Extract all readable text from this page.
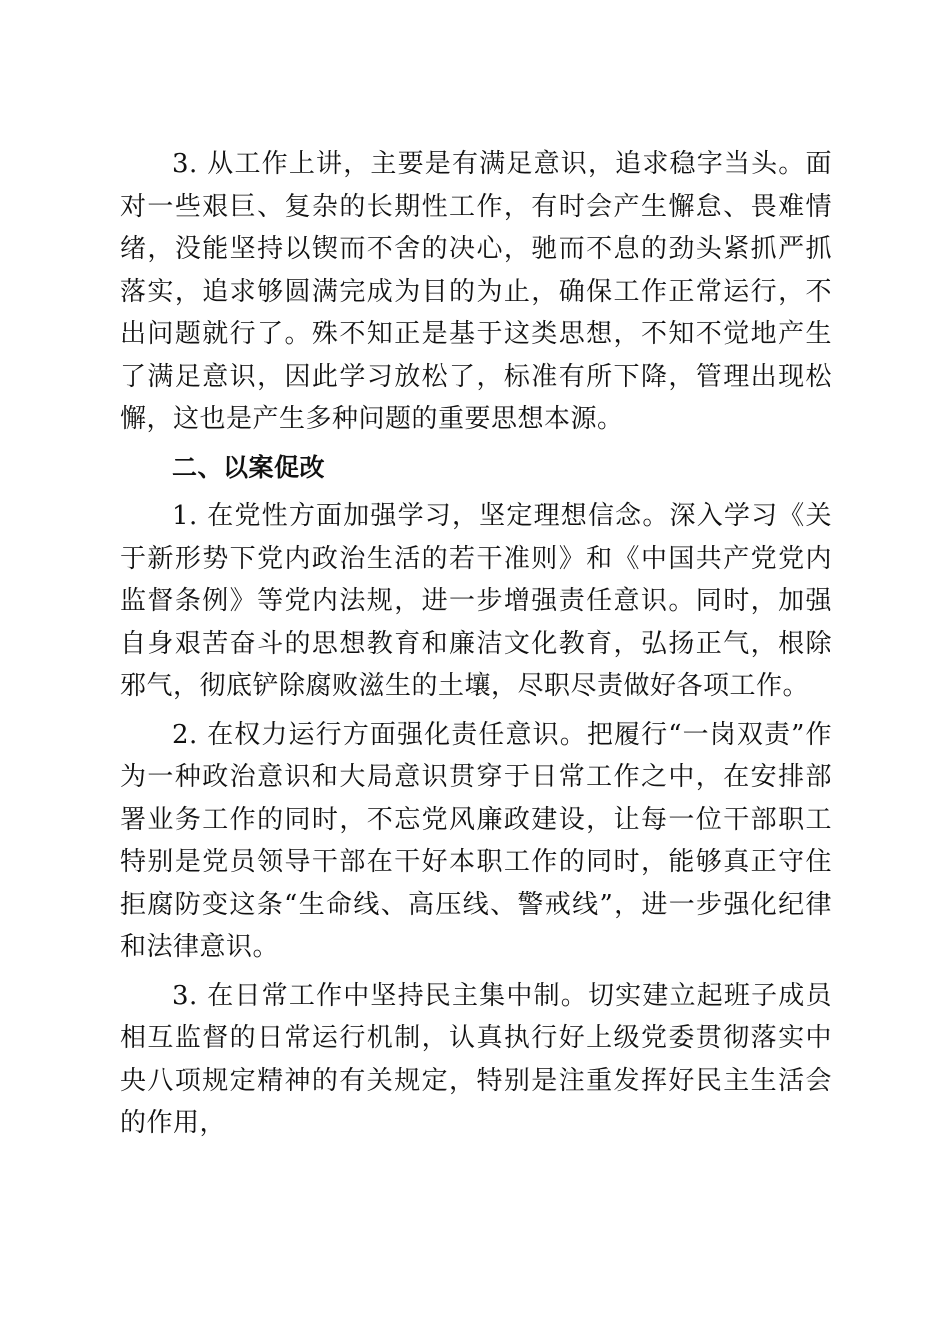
3. 从工作上讲，主要是有满足意识，追求稳字当头。面对一些艰巨、复杂的长期性工作，有时会产生懈怠、畏难情绪，没能坚持以锲而不舍的决心，驰而不息的劲头紧抓严抓落实，追求够圆满完成为目的为止，确保工作正常运行，不出问题就行了。殊不知正是基于这类思想，不知不觉地产生了满足意识，因此学习放松了，标准有所下降，管理出现松懈，这也是产生多种问题的重要思想本源。

二、以案促改

1. 在党性方面加强学习，坚定理想信念。深入学习《关于新形势下党内政治生活的若干准则》和《中国共产党党内监督条例》等党内法规，进一步增强责任意识。同时，加强自身艰苦奋斗的思想教育和廉洁文化教育，弘扬正气，根除邪气，彻底铲除腐败滋生的土壤，尽职尽责做好各项工作。

2. 在权力运行方面强化责任意识。把履行“一岗双责”作为一种政治意识和大局意识贯穿于日常工作之中，在安排部署业务工作的同时，不忘党风廉政建设，让每一位干部职工特别是党员领导干部在干好本职工作的同时，能够真正守住拒腐防变这条“生命线、高压线、警戒线”，进一步强化纪律和法律意识。

3. 在日常工作中坚持民主集中制。切实建立起班子成员相互监督的日常运行机制，认真执行好上级党委贯彻落实中央八项规定精神的有关规定，特别是注重发挥好民主生活会的作用，
